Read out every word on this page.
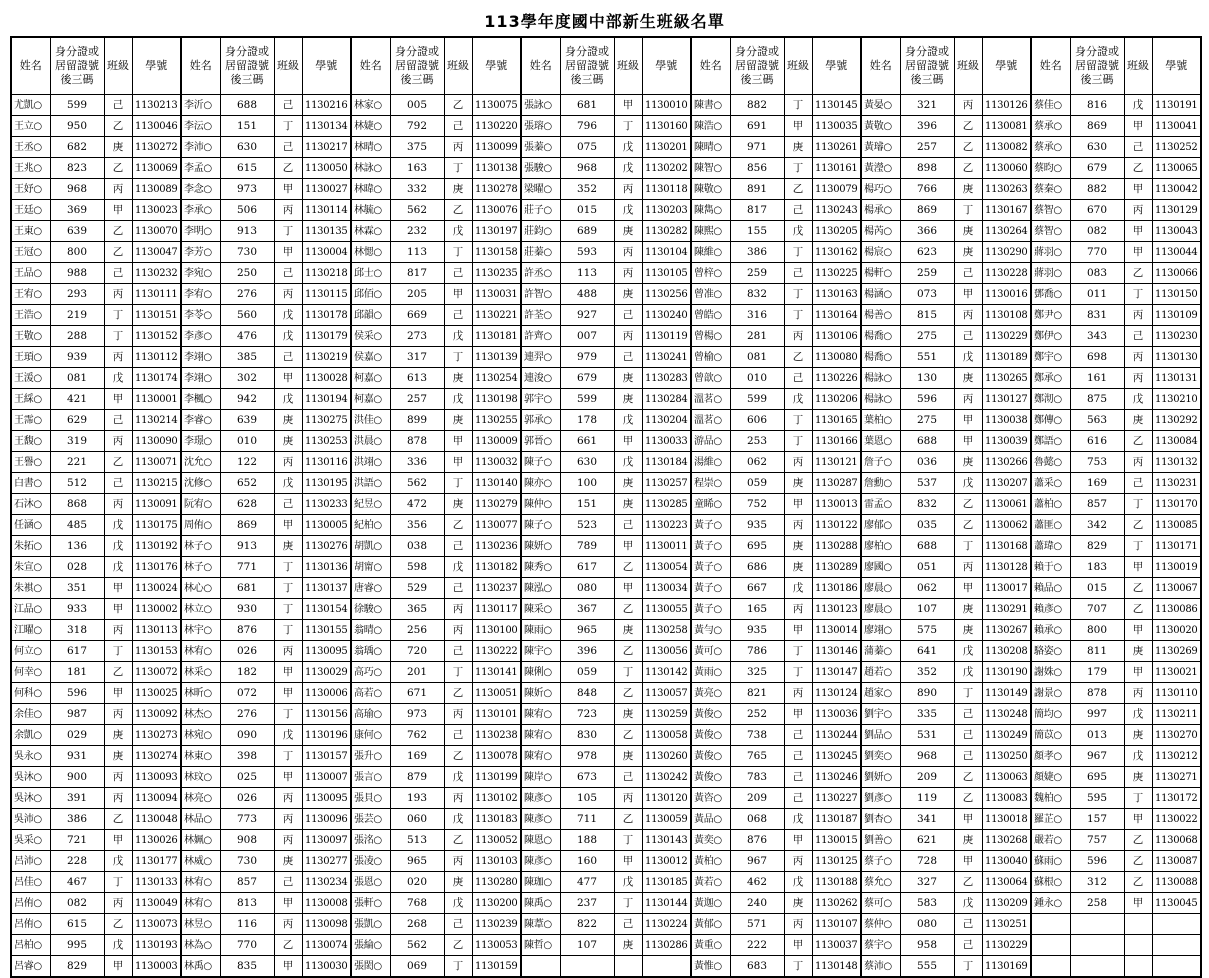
113學年度國中部新生班級名單
姓名	身分證或居留證號後三碼	班級	學號	姓名	身分證或居留證號後三碼	班級	學號	姓名	身分證或居留證號後三碼	班級	學號	姓名	身分證或居留證號後三碼	班級	學號	姓名	身分證或居留證號後三碼	班級	學號	姓名	身分證或居留證號後三碼	班級	學號	姓名	身分證或居留證號後三碼	班級	學號
尤凱○	599	己	1130213	李沂○	688	己	1130216	林家○	005	乙	1130075	張詠○	681	甲	1130010	陳書○	882	丁	1130145	黃晏○	321	丙	1130126	蔡佳○	816	戊	1130191
王立○	950	乙	1130046	李沄○	151	丁	1130134	林婕○	792	己	1130220	張瑢○	796	丁	1130160	陳浩○	691	甲	1130035	黃敬○	396	乙	1130081	蔡承○	869	甲	1130041
王丞○	682	庚	1130272	李沛○	630	己	1130217	林晴○	375	丙	1130099	張蓁○	075	戊	1130201	陳晴○	971	庚	1130261	黃璿○	257	乙	1130082	蔡承○	630	己	1130252
王兆○	823	乙	1130069	李孟○	615	乙	1130050	林詠○	163	丁	1130138	張駿○	968	戊	1130202	陳智○	856	丁	1130161	黃瀅○	898	乙	1130060	蔡昀○	679	乙	1130065
王妤○	968	丙	1130089	李念○	973	甲	1130027	林暐○	332	庚	1130278	梁曜○	352	丙	1130118	陳敬○	891	乙	1130079	楊巧○	766	庚	1130263	蔡秦○	882	甲	1130042
王廷○	369	甲	1130023	李承○	506	丙	1130114	林毓○	562	乙	1130076	莊子○	015	戊	1130203	陳雋○	817	己	1130243	楊承○	869	丁	1130167	蔡智○	670	丙	1130129
王東○	639	乙	1130070	李明○	913	丁	1130135	林霖○	232	戊	1130197	莊鈞○	689	庚	1130282	陳熙○	155	戊	1130205	楊芮○	366	庚	1130264	蔡智○	082	甲	1130043
王冠○	800	乙	1130047	李芳○	730	甲	1130004	林愢○	113	丁	1130158	莊蓁○	593	丙	1130104	陳維○	386	丁	1130162	楊宸○	623	庚	1130290	蔣羽○	770	甲	1130044
王品○	988	己	1130232	李宛○	250	己	1130218	邱士○	817	己	1130235	許丞○	113	丙	1130105	曾梓○	259	己	1130225	楊軒○	259	己	1130228	蔣羽○	083	乙	1130066
王宥○	293	丙	1130111	李宥○	276	丙	1130115	邱佰○	205	甲	1130031	許智○	488	庚	1130256	曾准○	832	丁	1130163	楊涵○	073	甲	1130016	鄧喬○	011	丁	1130150
王浩○	219	丁	1130151	李苓○	560	戊	1130178	邱韻○	669	己	1130221	許荃○	927	己	1130240	曾皓○	316	丁	1130164	楊善○	815	丙	1130108	鄭尹○	831	丙	1130109
王敬○	288	丁	1130152	李彥○	476	戊	1130179	侯采○	273	戊	1130181	許齊○	007	丙	1130119	曾楊○	281	丙	1130106	楊喬○	275	己	1130229	鄭伊○	343	己	1130230
王頊○	939	丙	1130112	李翊○	385	己	1130219	侯嘉○	317	丁	1130139	連羿○	979	己	1130241	曾榆○	081	乙	1130080	楊喬○	551	戊	1130189	鄭宇○	698	丙	1130130
王湲○	081	戊	1130174	李翊○	302	甲	1130028	柯嘉○	613	庚	1130254	連浚○	679	庚	1130283	曾歆○	010	己	1130226	楊詠○	130	庚	1130265	鄭承○	161	丙	1130131
王綵○	421	甲	1130001	李楓○	942	戊	1130194	柯嘉○	257	戊	1130198	郭宇○	599	庚	1130284	溫茗○	599	戊	1130206	楊詠○	596	丙	1130127	鄭沏○	875	戊	1130210
王霈○	629	己	1130214	李睿○	639	庚	1130275	洪佳○	899	庚	1130255	郭承○	178	戊	1130204	溫茗○	606	丁	1130165	葉柏○	275	甲	1130038	鄭傳○	563	庚	1130292
王馥○	319	丙	1130090	李璟○	010	庚	1130253	洪晨○	878	甲	1130009	郭晉○	661	甲	1130033	游品○	253	丁	1130166	葉恩○	688	甲	1130039	鄭語○	616	乙	1130084
王譽○	221	乙	1130071	沈允○	122	丙	1130116	洪翊○	336	甲	1130032	陳子○	630	戊	1130184	湯維○	062	丙	1130121	詹子○	036	庚	1130266	魯懿○	753	丙	1130132
白書○	512	己	1130215	沈修○	652	戊	1130195	洪語○	562	丁	1130140	陳亦○	100	庚	1130257	程崇○	059	庚	1130287	詹勳○	537	戊	1130207	蕭采○	169	己	1130231
石沐○	868	丙	1130091	阮宥○	628	己	1130233	紀昱○	472	庚	1130279	陳仲○	151	庚	1130285	童睎○	752	甲	1130013	雷孟○	832	乙	1130061	蕭柏○	857	丁	1130170
任涵○	485	戊	1130175	周侑○	869	甲	1130005	紀柏○	356	乙	1130077	陳子○	523	己	1130223	黃子○	935	丙	1130122	廖郁○	035	乙	1130062	蕭匪○	342	乙	1130085
朱拓○	136	戊	1130192	林子○	913	庚	1130276	胡凱○	038	己	1130236	陳妍○	789	甲	1130011	黃子○	695	庚	1130288	廖柏○	688	丁	1130168	蕭瑋○	829	丁	1130171
朱宣○	028	戊	1130176	林子○	771	丁	1130136	胡甯○	598	戊	1130182	陳秀○	617	乙	1130054	黃子○	686	庚	1130289	廖國○	051	丙	1130128	賴于○	183	甲	1130019
朱褀○	351	甲	1130024	林心○	681	丁	1130137	唐睿○	529	己	1130237	陳泓○	080	甲	1130034	黃子○	667	戊	1130186	廖晨○	062	甲	1130017	賴品○	015	乙	1130067
江品○	933	甲	1130002	林立○	930	丁	1130154	徐駿○	365	丙	1130117	陳采○	367	乙	1130055	黃子○	165	丙	1130123	廖晨○	107	庚	1130291	賴彥○	707	乙	1130086
江曜○	318	丙	1130113	林宇○	876	丁	1130155	翁晴○	256	丙	1130100	陳雨○	965	庚	1130258	黃勻○	935	甲	1130014	廖翊○	575	庚	1130267	賴承○	800	甲	1130020
何立○	617	丁	1130153	林宥○	026	丙	1130095	翁瑀○	720	己	1130222	陳宇○	396	乙	1130056	黃可○	786	丁	1130146	蒲蓁○	641	戊	1130208	駱姿○	811	庚	1130269
何幸○	181	乙	1130072	林采○	182	甲	1130029	高巧○	201	丁	1130141	陳俐○	059	丁	1130142	黃雨○	325	丁	1130147	趙若○	352	戊	1130190	謝姝○	179	甲	1130021
何科○	596	甲	1130025	林昕○	072	甲	1130006	高若○	671	乙	1130051	陳妡○	848	乙	1130057	黃亮○	821	丙	1130124	趙家○	890	丁	1130149	謝景○	878	丙	1130110
余佳○	987	丙	1130092	林杰○	276	丁	1130156	高瑜○	973	丙	1130101	陳宥○	723	庚	1130259	黃俊○	252	甲	1130036	劉宇○	335	己	1130248	簡均○	997	戊	1130211
余凱○	029	庚	1130273	林宛○	090	戊	1130196	康何○	762	己	1130238	陳宥○	830	乙	1130058	黃俊○	738	己	1130244	劉品○	531	己	1130249	簡苡○	013	庚	1130270
吳永○	931	庚	1130274	林東○	398	丁	1130157	張升○	169	乙	1130078	陳宥○	978	庚	1130260	黃俊○	765	己	1130245	劉奕○	968	己	1130250	顏孝○	967	戊	1130212
吳沐○	900	丙	1130093	林玟○	025	甲	1130007	張言○	879	戊	1130199	陳岸○	673	己	1130242	黃俊○	783	己	1130246	劉妍○	209	乙	1130063	顏婕○	695	庚	1130271
吳沐○	391	丙	1130094	林亮○	026	丙	1130095	張貝○	193	丙	1130102	陳彥○	105	丙	1130120	黃咨○	209	己	1130227	劉彥○	119	乙	1130083	魏柏○	595	丁	1130172
吳沛○	386	乙	1130048	林品○	773	丙	1130096	張芸○	060	戊	1130183	陳彥○	711	乙	1130059	黃品○	068	戊	1130187	劉杏○	341	甲	1130018	羅芷○	157	甲	1130022
吳采○	721	甲	1130026	林姵○	908	丙	1130097	張洺○	513	乙	1130052	陳恩○	188	丁	1130143	黃奕○	876	甲	1130015	劉善○	621	庚	1130268	嚴若○	757	乙	1130068
呂沛○	228	戊	1130177	林威○	730	庚	1130277	張凌○	965	丙	1130103	陳彥○	160	甲	1130012	黃柏○	967	丙	1130125	蔡子○	728	甲	1130040	蘇雨○	596	乙	1130087
呂佳○	467	丁	1130133	林宥○	857	己	1130234	張恩○	020	庚	1130280	陳珈○	477	戊	1130185	黃若○	462	戊	1130188	蔡允○	327	乙	1130064	蘇根○	312	乙	1130088
呂侑○	082	丙	1130049	林宥○	813	甲	1130008	張軒○	768	戊	1130200	陳禹○	237	丁	1130144	黃迦○	240	庚	1130262	蔡可○	583	戊	1130209	鍾永○	258	甲	1130045
呂侑○	615	乙	1130073	林昱○	116	丙	1130098	張凱○	268	己	1130239	陳葦○	822	己	1130224	黃郁○	571	丙	1130107	蔡仲○	080	己	1130251				
呂柏○	995	戊	1130193	林為○	770	乙	1130074	張綸○	562	乙	1130053	陳哲○	107	庚	1130286	黃重○	222	甲	1130037	蔡宇○	958	己	1130229				
呂睿○	829	甲	1130003	林禹○	835	甲	1130030	張閎○	069	丁	1130159					黃惟○	683	丁	1130148	蔡沛○	555	丁	1130169				
